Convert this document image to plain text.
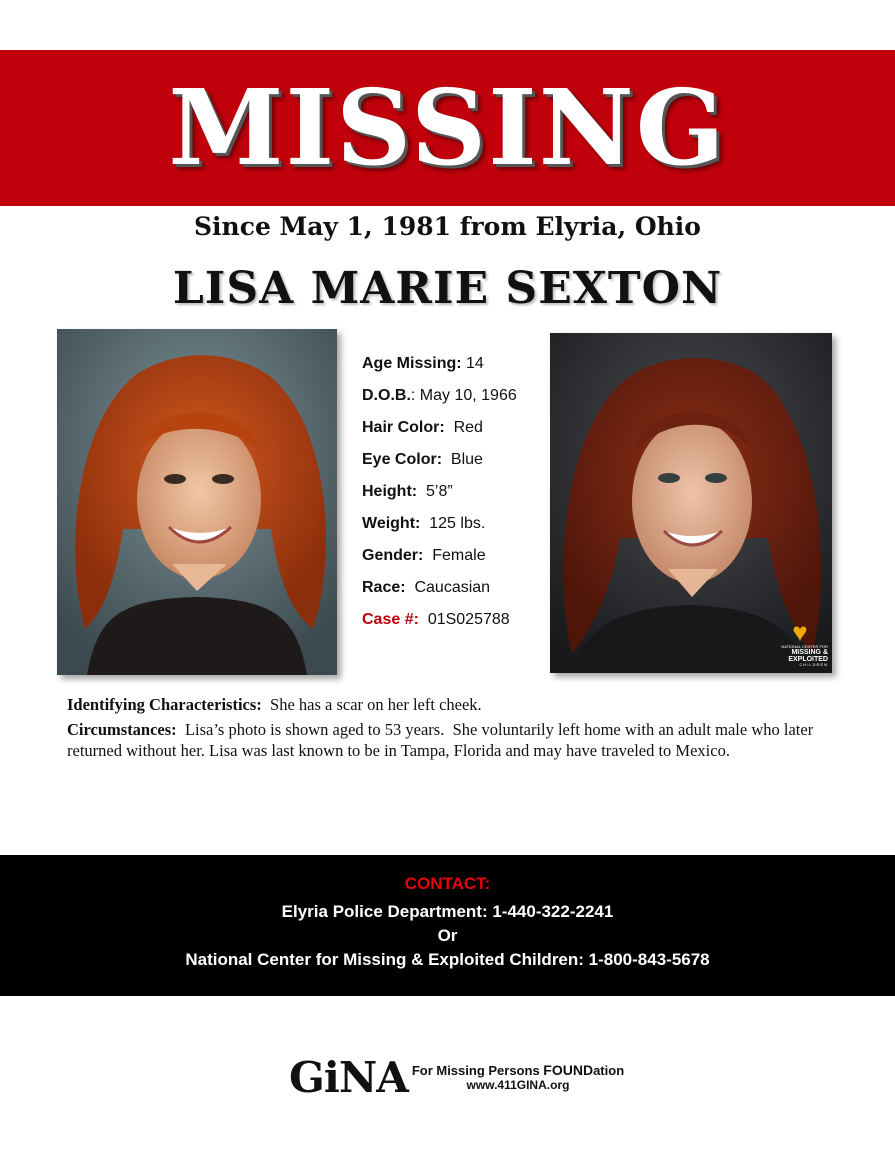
MISSING
Since May 1, 1981 from Elyria, Ohio
LISA MARIE SEXTON
Age Missing: 14
D.O.B.: May 10, 1966
Hair Color:  Red
Eye Color:  Blue
Height:  5’8”
Weight:  125 lbs.
Gender:  Female
Race:  Caucasian
Case #:  01S025788	♥
NATIONAL CENTER FOR
MISSING &
EXPLOITED
CHILDREN

Identifying Characteristics:  She has a scar on her left cheek.

Circumstances:  Lisa’s photo is shown aged to 53 years.  She voluntarily left home with an adult male who later returned without her. Lisa was last known to be in Tampa, Florida and may have traveled to Mexico.

CONTACT:
Elyria Police Department: 1-440-322-2241
Or
National Center for Missing & Exploited Children: 1-800-843-5678
GiNA For Missing Persons FOUNDation
www.411GINA.org
